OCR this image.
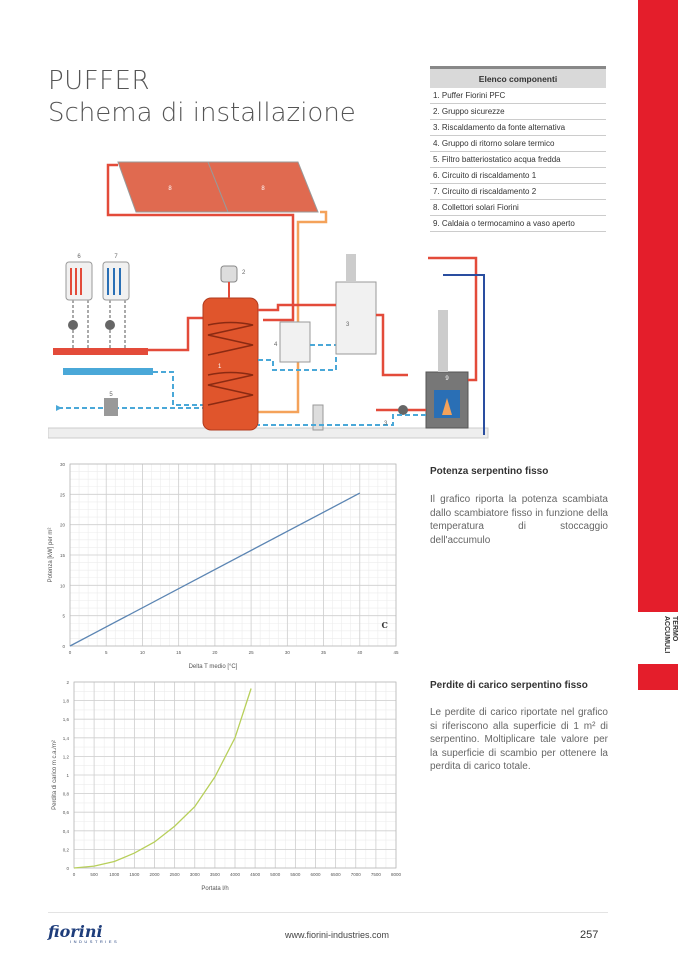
PUFFER
Schema di installazione
Elenco componenti
1. Puffer Fiorini PFC
2. Gruppo sicurezze
3. Riscaldamento da fonte alternativa
4. Gruppo di ritorno solare termico
5. Filtro batteriostatico acqua fredda
6. Circuito di riscaldamento 1
7. Circuito di riscaldamento 2
8. Collettori solari Fiorini
9. Caldaia o termocamino a vaso aperto
TERMO ACCUMULI
8	8
6	7
2
1
4
3
5
9
3
Potenza serpentino fisso
Il grafico riporta la potenza scambiata dallo scambiatore fisso in funzione della temperatura di stoccaggio dell'accumulo
0	5	10	15	20	25	30	35	40	45
0
5
10
15
20
25
30
Delta T medio [°C]
Potenza [kW] per m²
C
Perdite di carico serpentino fisso
Le perdite di carico riportate nel grafico si riferiscono alla superficie di 1 m² di serpentino. Moltiplicare tale valore per la superficie di scambio per ottenere la perdita di carico totale.
0	500	1000 1500 2000 2500 3000 3500 4000 4500 5000 5500 6000 6500 7000 7500 8000
0
0,2
0,4
0,6
0,8
1
1,2
1,4
1,6
1,8
2
Portata l/h
Perdita di carico m c.a./m²
fiorini
INDUSTRIES
www.fiorini-industries.com	257
